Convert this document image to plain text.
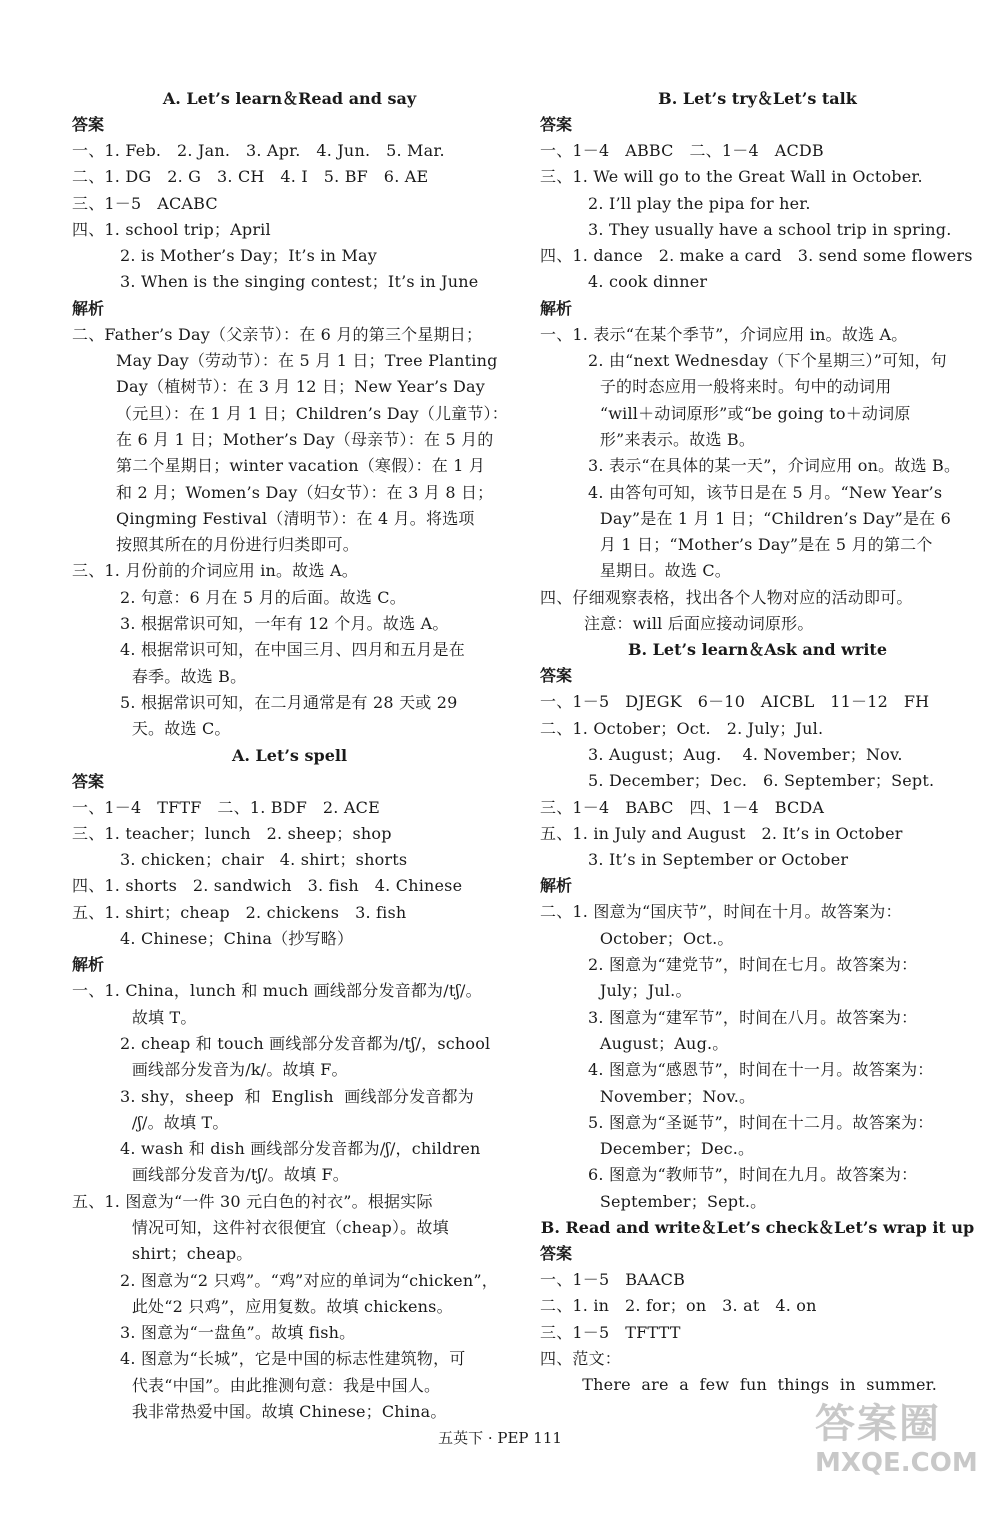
A. Let’s learn＆Read and say
答案
一、1. Feb.   2. Jan.   3. Apr.   4. Jun.   5. Mar.
二、1. DG   2. G   3. CH   4. I   5. BF   6. AE
三、1－5   ACABC
四、1. school trip；April
2. is Mother’s Day；It’s in May
3. When is the singing contest；It’s in June
解析
二、Father’s Day（父亲节）：在 6 月的第三个星期日；
May Day（劳动节）：在 5 月 1 日；Tree Planting
Day（植树节）：在 3 月 12 日；New Year’s Day
（元旦）：在 1 月 1 日；Children’s Day（儿童节）：
在 6 月 1 日；Mother’s Day（母亲节）：在 5 月的
第二个星期日；winter vacation（寒假）：在 1 月
和 2 月；Women’s Day（妇女节）：在 3 月 8 日；
Qingming Festival（清明节）：在 4 月。将选项
按照其所在的月份进行归类即可。
三、1. 月份前的介词应用 in。故选 A。
2. 句意：6 月在 5 月的后面。故选 C。
3. 根据常识可知，一年有 12 个月。故选 A。
4. 根据常识可知，在中国三月、四月和五月是在
春季。故选 B。
5. 根据常识可知，在二月通常是有 28 天或 29
天。故选 C。
A. Let’s spell
答案
一、1－4   TFTF   二、1. BDF   2. ACE
三、1. teacher；lunch   2. sheep；shop
3. chicken；chair   4. shirt；shorts
四、1. shorts   2. sandwich   3. fish   4. Chinese
五、1. shirt；cheap   2. chickens   3. fish
4. Chinese；China（抄写略）
解析
一、1. China，lunch 和 much 画线部分发音都为/tʃ/。
故填 T。
2. cheap 和 touch 画线部分发音都为/tʃ/，school
画线部分发音为/k/。故填 F。
3. shy，sheep  和  English  画线部分发音都为
/ʃ/。故填 T。
4. wash 和 dish 画线部分发音都为/ʃ/，children
画线部分发音为/tʃ/。故填 F。
五、1. 图意为“一件 30 元白色的衬衣”。根据实际
情况可知，这件衬衣很便宜（cheap）。故填
shirt；cheap。
2. 图意为“2 只鸡”。“鸡”对应的单词为“chicken”，
此处“2 只鸡”，应用复数。故填 chickens。
3. 图意为“一盘鱼”。故填 fish。
4. 图意为“长城”，它是中国的标志性建筑物，可
代表“中国”。由此推测句意：我是中国人。
我非常热爱中国。故填 Chinese；China。
B. Let’s try＆Let’s talk
答案
一、1－4   ABBC   二、1－4   ACDB
三、1. We will go to the Great Wall in October.
2. I’ll play the pipa for her.
3. They usually have a school trip in spring.
四、1. dance   2. make a card   3. send some flowers
4. cook dinner
解析
一、1. 表示“在某个季节”，介词应用 in。故选 A。
2. 由“next Wednesday（下个星期三）”可知，句
子的时态应用一般将来时。句中的动词用
“will＋动词原形”或“be going to＋动词原
形”来表示。故选 B。
3. 表示“在具体的某一天”，介词应用 on。故选 B。
4. 由答句可知，该节日是在 5 月。“New Year’s
Day”是在 1 月 1 日；“Children’s Day”是在 6
月 1 日；“Mother’s Day”是在 5 月的第二个
星期日。故选 C。
四、仔细观察表格，找出各个人物对应的活动即可。
注意：will 后面应接动词原形。
B. Let’s learn＆Ask and write
答案
一、1－5   DJEGK   6－10   AICBL   11－12   FH
二、1. October；Oct.   2. July；Jul.
3. August；Aug.    4. November；Nov.
5. December；Dec.   6. September；Sept.
三、1－4   BABC   四、1－4   BCDA
五、1. in July and August   2. It’s in October
3. It’s in September or October
解析
二、1. 图意为“国庆节”，时间在十月。故答案为：
October；Oct.。
2. 图意为“建党节”，时间在七月。故答案为：
July；Jul.。
3. 图意为“建军节”，时间在八月。故答案为：
August；Aug.。
4. 图意为“感恩节”，时间在十一月。故答案为：
November；Nov.。
5. 图意为“圣诞节”，时间在十二月。故答案为：
December；Dec.。
6. 图意为“教师节”，时间在九月。故答案为：
September；Sept.。
B. Read and write＆Let’s check＆Let’s wrap it up
答案
一、1－5   BAACB
二、1. in   2. for；on   3. at   4. on
三、1－5   TFTTT
四、范文：
There  are  a  few  fun  things  in  summer.
五英下 · PEP 111	答案圈
MXQE.COM
